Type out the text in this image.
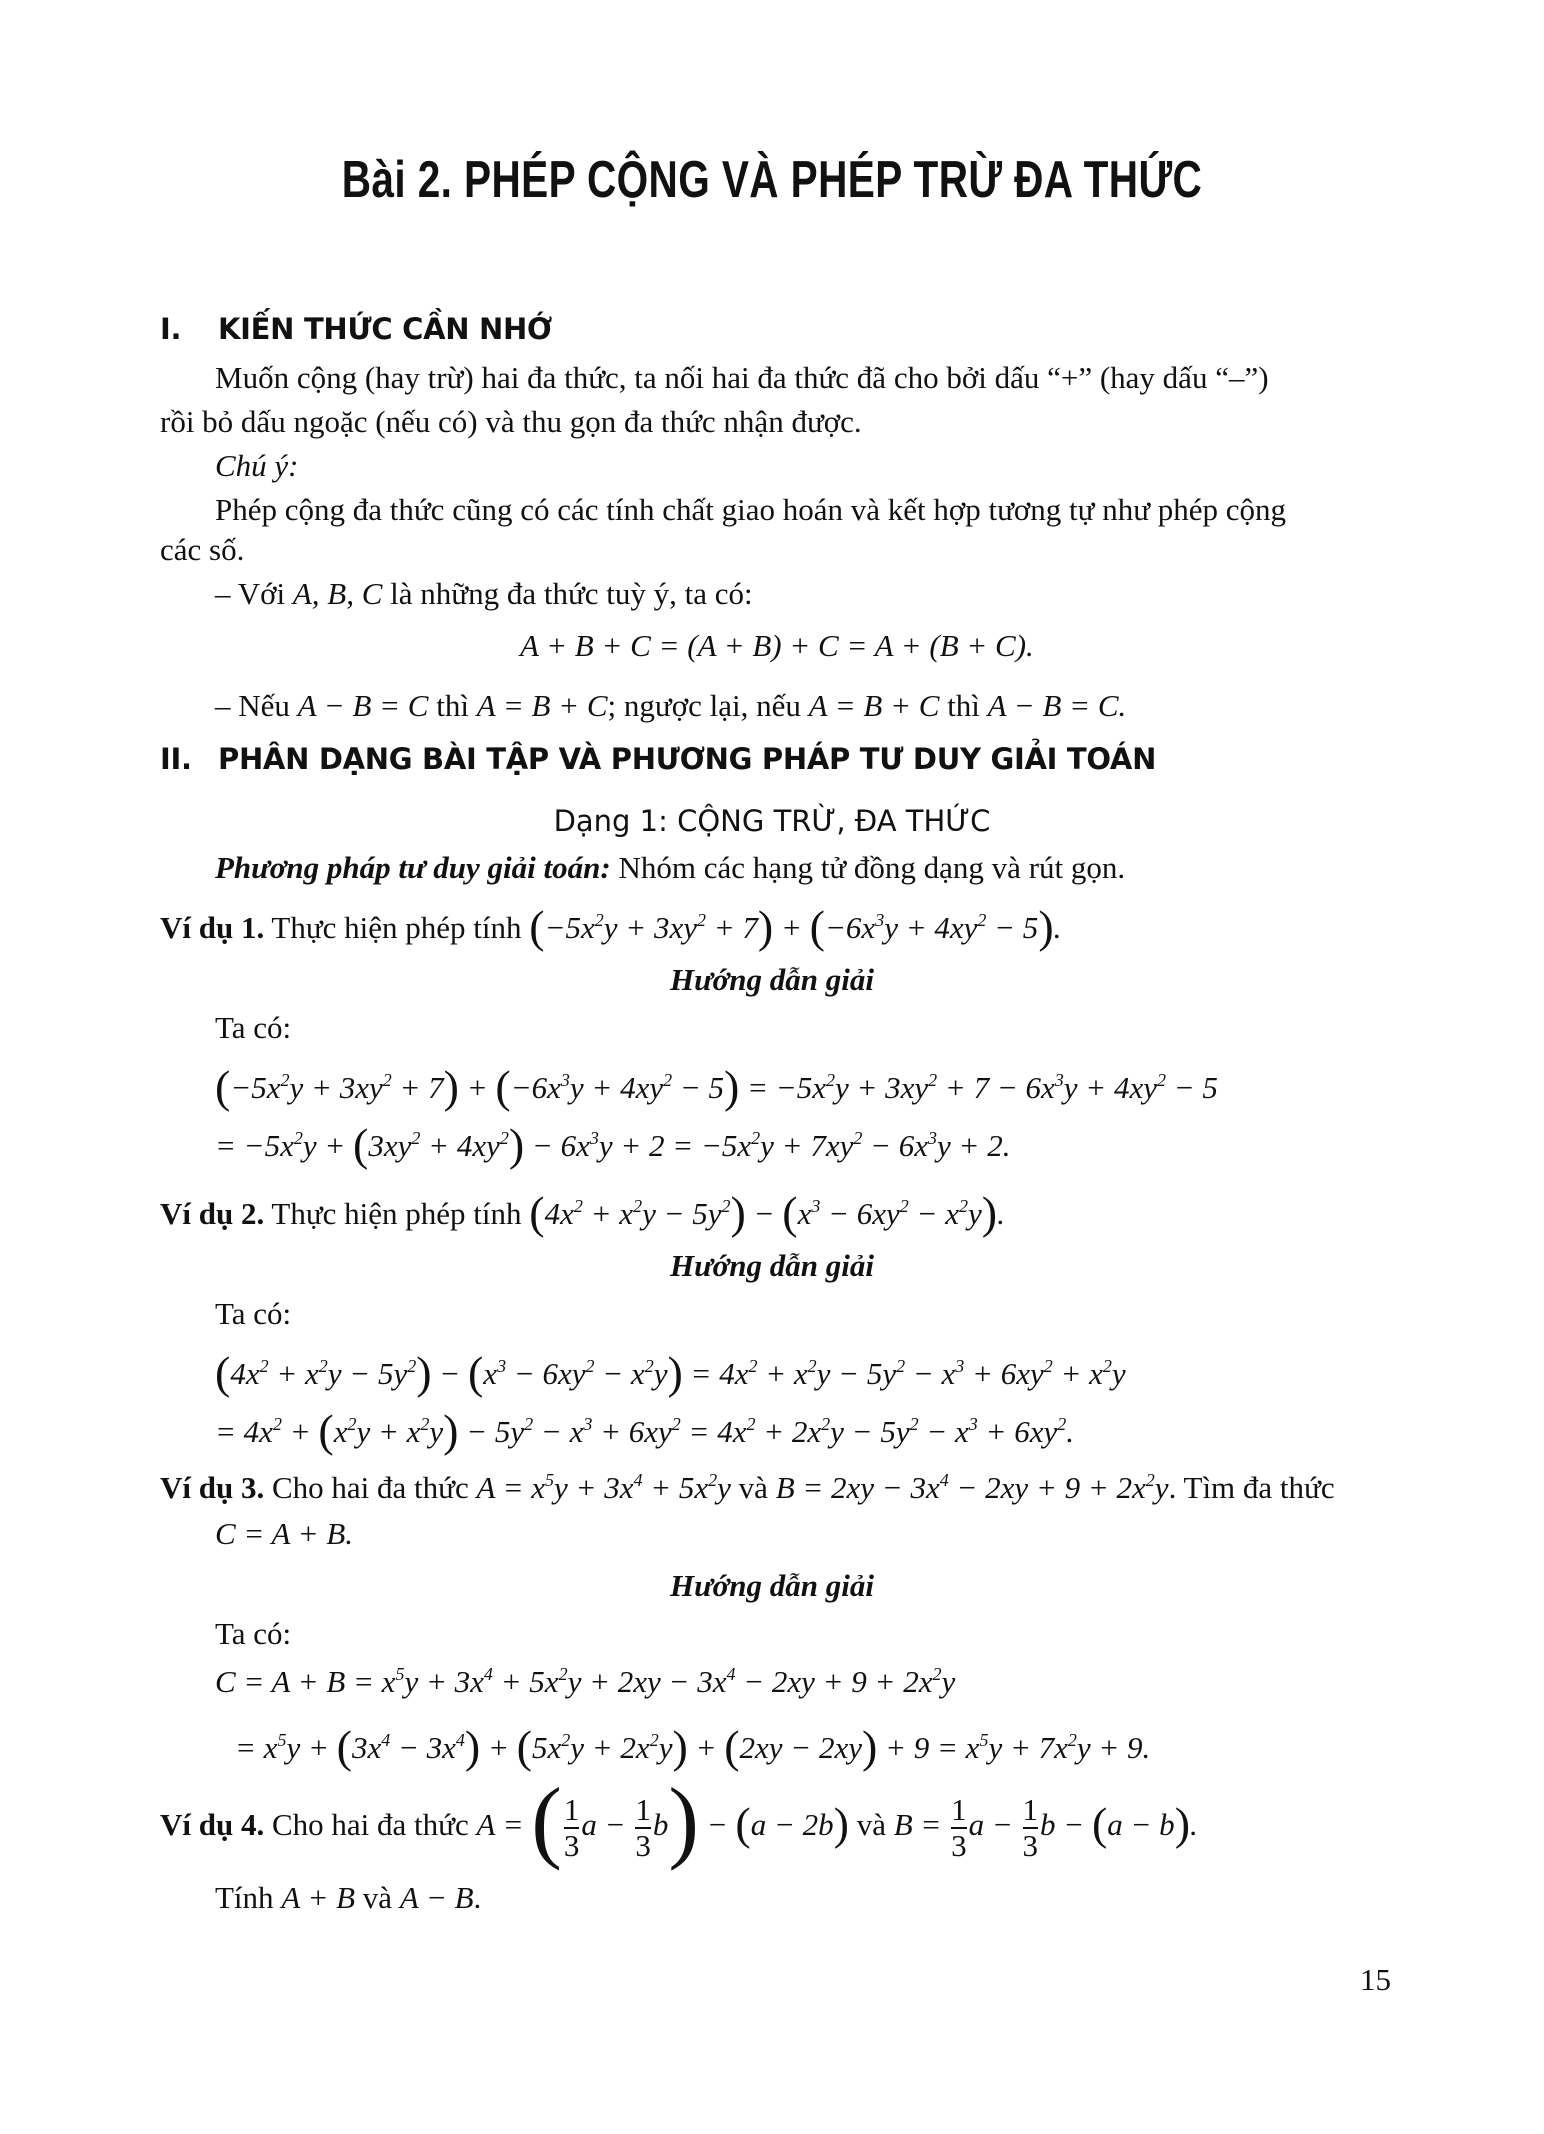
Bài 2. PHÉP CỘNG VÀ PHÉP TRỪ ĐA THỨC
I. KIẾN THỨC CẦN NHỚ
Muốn cộng (hay trừ) hai đa thức, ta nối hai đa thức đã cho bởi dấu “+” (hay dấu “–”)
rồi bỏ dấu ngoặc (nếu có) và thu gọn đa thức nhận được.
Chú ý:
Phép cộng đa thức cũng có các tính chất giao hoán và kết hợp tương tự như phép cộng
các số.
– Với A, B, C là những đa thức tuỳ ý, ta có:
A + B + C = (A + B) + C = A + (B + C).
– Nếu A − B = C thì A = B + C; ngược lại, nếu A = B + C thì A − B = C.
II. PHÂN DẠNG BÀI TẬP VÀ PHƯƠNG PHÁP TƯ DUY GIẢI TOÁN
Dạng 1: CỘNG TRỪ, ĐA THỨC
Phương pháp tư duy giải toán: Nhóm các hạng tử đồng dạng và rút gọn.
Ví dụ 1. Thực hiện phép tính $(-5x^2y + 3xy^2 + 7) + (-6x^3y + 4xy^2 - 5)$.
Hướng dẫn giải
Ta có:
$(-5x^2y + 3xy^2 + 7) + (-6x^3y + 4xy^2 - 5) = -5x^2y + 3xy^2 + 7 - 6x^3y + 4xy^2 - 5$
= $-5x^2y + (3xy^2 + 4xy^2) - 6x^3y + 2 = -5x^2y + 7xy^2 - 6x^3y + 2$.
Ví dụ 2. Thực hiện phép tính $(4x^2 + x^2y - 5y^2) - (x^3 - 6xy^2 - x^2y)$.
Hướng dẫn giải
Ta có:
$(4x^2 + x^2y - 5y^2) - (x^3 - 6xy^2 - x^2y) = 4x^2 + x^2y - 5y^2 - x^3 + 6xy^2 + x^2y$
= $4x^2 + (x^2y + x^2y) - 5y^2 - x^3 + 6xy^2 = 4x^2 + 2x^2y - 5y^2 - x^3 + 6xy^2$.
Ví dụ 3. Cho hai đa thức $A = x^5y + 3x^4 + 5x^2y$ và $B = 2xy - 3x^4 - 2xy + 9 + 2x^2y$. Tìm đa thức
C = A + B.
Hướng dẫn giải
Ta có:
$C = A + B = x^5y + 3x^4 + 5x^2y + 2xy - 3x^4 - 2xy + 9 + 2x^2y$
= $x^5y + (3x^4 - 3x^4) + (5x^2y + 2x^2y) + (2xy - 2xy) + 9 = x^5y + 7x^2y + 9$.
Ví dụ 4. Cho hai đa thức A = ( $\frac{1}{3}$ $a - \frac{1}{3} b) - (a - 2b)$ và $B = \frac{1}{3}$ $a - \frac{1}{3}$ b − (a − b).
Tính A + B và A − B.
15
